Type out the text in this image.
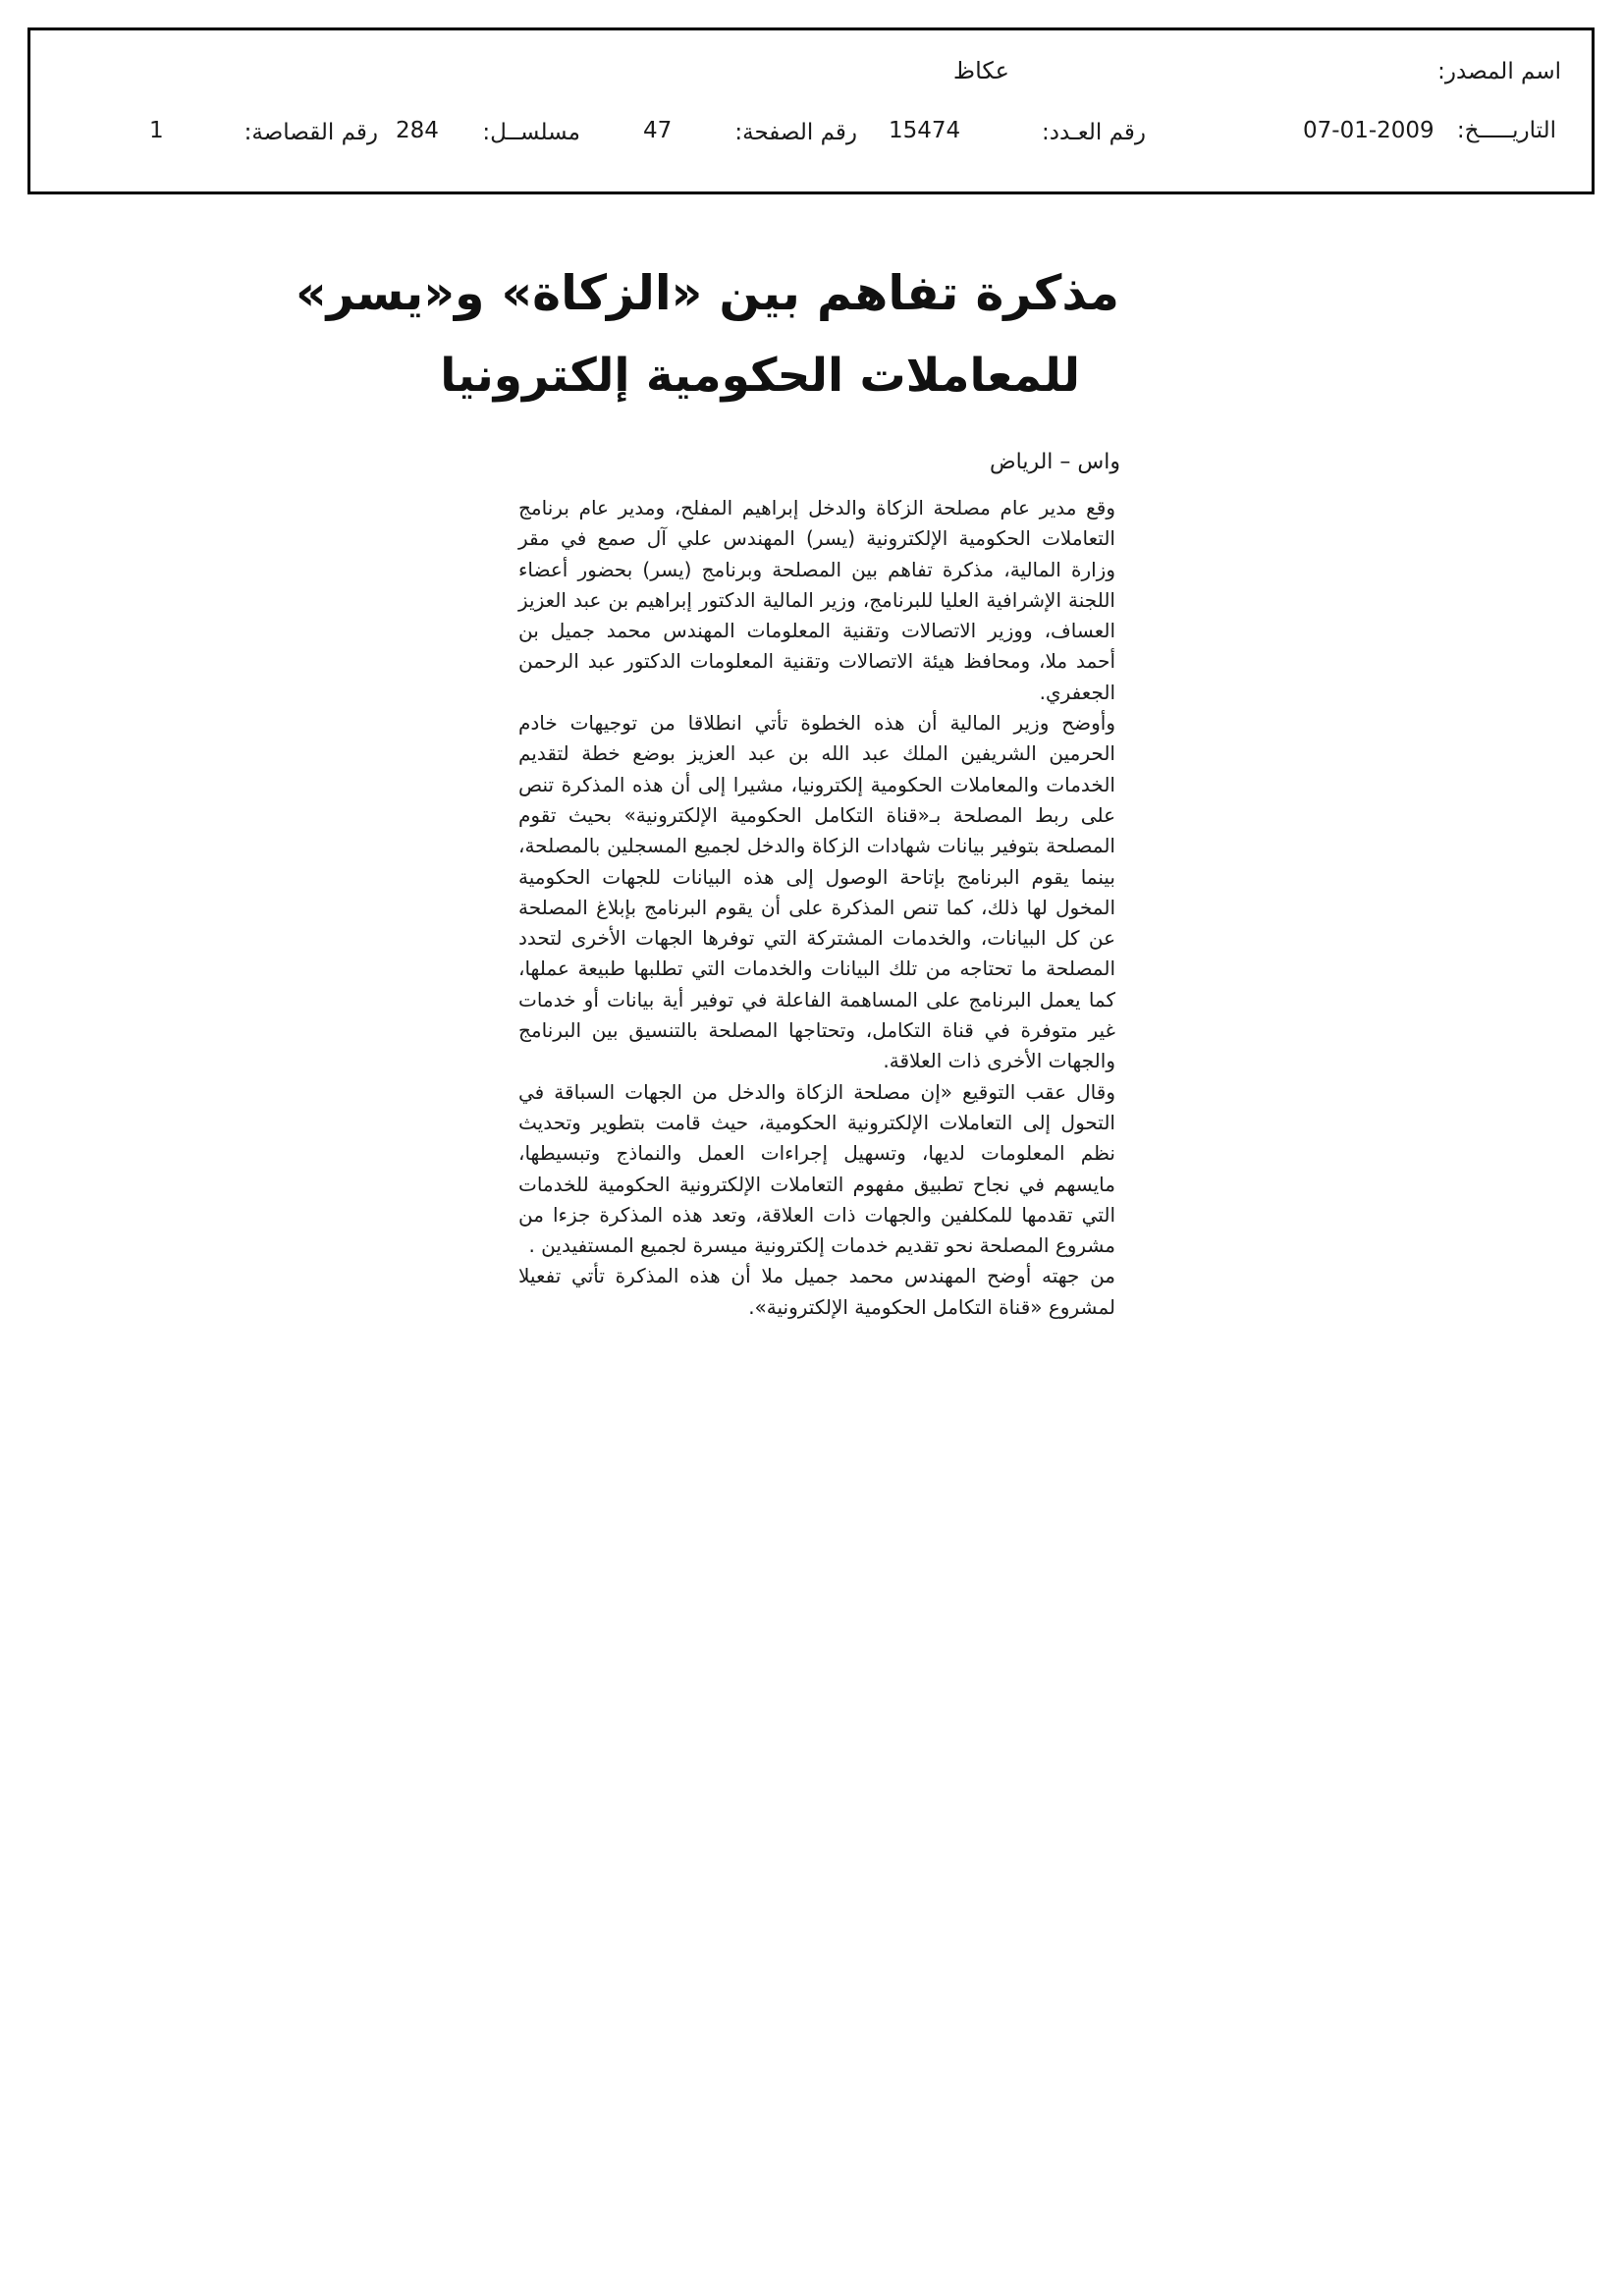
اسم المصدر:
عكاظ
التاريـــــخ:
07-01-2009
رقم العـدد:
15474
رقم الصفحة:
47
مسلســل:
284
رقم القصاصة:
1
مذكرة تفاهم بين «الزكاة» و«يسر»
للمعاملات الحكومية إلكترونيا
واس – الرياض

وقع مدير عام مصلحة الزكاة والدخل إبراهيم المفلح، ومدير عام برنامج التعاملات الحكومية الإلكترونية (يسر) المهندس علي آل صمع في مقر وزارة المالية، مذكرة تفاهم بين المصلحة وبرنامج (يسر) بحضور أعضاء اللجنة الإشرافية العليا للبرنامج، وزير المالية الدكتور إبراهيم بن عبد العزيز العساف، ووزير الاتصالات وتقنية المعلومات المهندس محمد جميل بن أحمد ملا، ومحافظ هيئة الاتصالات وتقنية المعلومات الدكتور عبد الرحمن الجعفري.

وأوضح وزير المالية أن هذه الخطوة تأتي انطلاقا من توجيهات خادم الحرمين الشريفين الملك عبد الله بن عبد العزيز بوضع خطة لتقديم الخدمات والمعاملات الحكومية إلكترونيا، مشيرا إلى أن هذه المذكرة تنص على ربط المصلحة بـ«قناة التكامل الحكومية الإلكترونية» بحيث تقوم المصلحة بتوفير بيانات شهادات الزكاة والدخل لجميع المسجلين بالمصلحة، بينما يقوم البرنامج بإتاحة الوصول إلى هذه البيانات للجهات الحكومية المخول لها ذلك، كما تنص المذكرة على أن يقوم البرنامج بإبلاغ المصلحة عن كل البيانات، والخدمات المشتركة التي توفرها الجهات الأخرى لتحدد المصلحة ما تحتاجه من تلك البيانات والخدمات التي تطلبها طبيعة عملها، كما يعمل البرنامج على المساهمة الفاعلة في توفير أية بيانات أو خدمات غير متوفرة في قناة التكامل، وتحتاجها المصلحة بالتنسيق بين البرنامج والجهات الأخرى ذات العلاقة.

وقال عقب التوقيع «إن مصلحة الزكاة والدخل من الجهات السباقة في التحول إلى التعاملات الإلكترونية الحكومية، حيث قامت بتطوير وتحديث نظم المعلومات لديها، وتسهيل إجراءات العمل والنماذج وتبسيطها، مايسهم في نجاح تطبيق مفهوم التعاملات الإلكترونية الحكومية للخدمات التي تقدمها للمكلفين والجهات ذات العلاقة، وتعد هذه المذكرة جزءا من مشروع المصلحة نحو تقديم خدمات إلكترونية ميسرة لجميع المستفيدين .

من جهته أوضح المهندس محمد جميل ملا أن هذه المذكرة تأتي تفعيلا لمشروع «قناة التكامل الحكومية الإلكترونية».
